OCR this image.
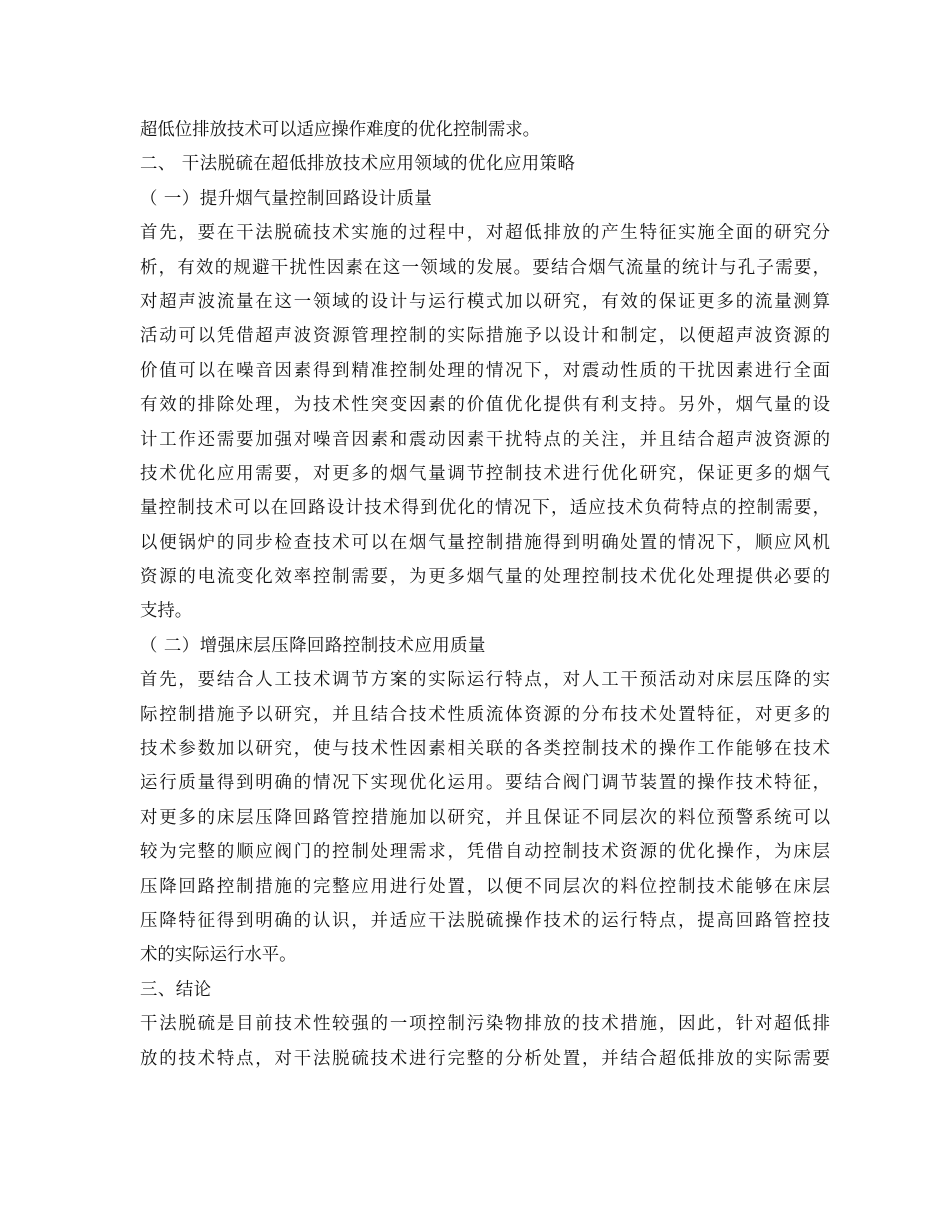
超低位排放技术可以适应操作难度的优化控制需求。
二、 干法脱硫在超低排放技术应用领域的优化应用策略
（ 一）提升烟气量控制回路设计质量
首先，要在干法脱硫技术实施的过程中，对超低排放的产生特征实施全面的研究分
析，有效的规避干扰性因素在这一领域的发展。要结合烟气流量的统计与孔子需要，
对超声波流量在这一领域的设计与运行模式加以研究，有效的保证更多的流量测算
活动可以凭借超声波资源管理控制的实际措施予以设计和制定，以便超声波资源的
价值可以在噪音因素得到精准控制处理的情况下，对震动性质的干扰因素进行全面
有效的排除处理，为技术性突变因素的价值优化提供有利支持。另外，烟气量的设
计工作还需要加强对噪音因素和震动因素干扰特点的关注，并且结合超声波资源的
技术优化应用需要，对更多的烟气量调节控制技术进行优化研究，保证更多的烟气
量控制技术可以在回路设计技术得到优化的情况下，适应技术负荷特点的控制需要，
以便锅炉的同步检查技术可以在烟气量控制措施得到明确处置的情况下，顺应风机
资源的电流变化效率控制需要，为更多烟气量的处理控制技术优化处理提供必要的
支持。
（ 二）增强床层压降回路控制技术应用质量
首先，要结合人工技术调节方案的实际运行特点，对人工干预活动对床层压降的实
际控制措施予以研究，并且结合技术性质流体资源的分布技术处置特征，对更多的
技术参数加以研究，使与技术性因素相关联的各类控制技术的操作工作能够在技术
运行质量得到明确的情况下实现优化运用。要结合阀门调节装置的操作技术特征，
对更多的床层压降回路管控措施加以研究，并且保证不同层次的料位预警系统可以
较为完整的顺应阀门的控制处理需求，凭借自动控制技术资源的优化操作，为床层
压降回路控制措施的完整应用进行处置，以便不同层次的料位控制技术能够在床层
压降特征得到明确的认识，并适应干法脱硫操作技术的运行特点，提高回路管控技
术的实际运行水平。
三、结论
干法脱硫是目前技术性较强的一项控制污染物排放的技术措施，因此，针对超低排
放的技术特点，对干法脱硫技术进行完整的分析处置，并结合超低排放的实际需要
